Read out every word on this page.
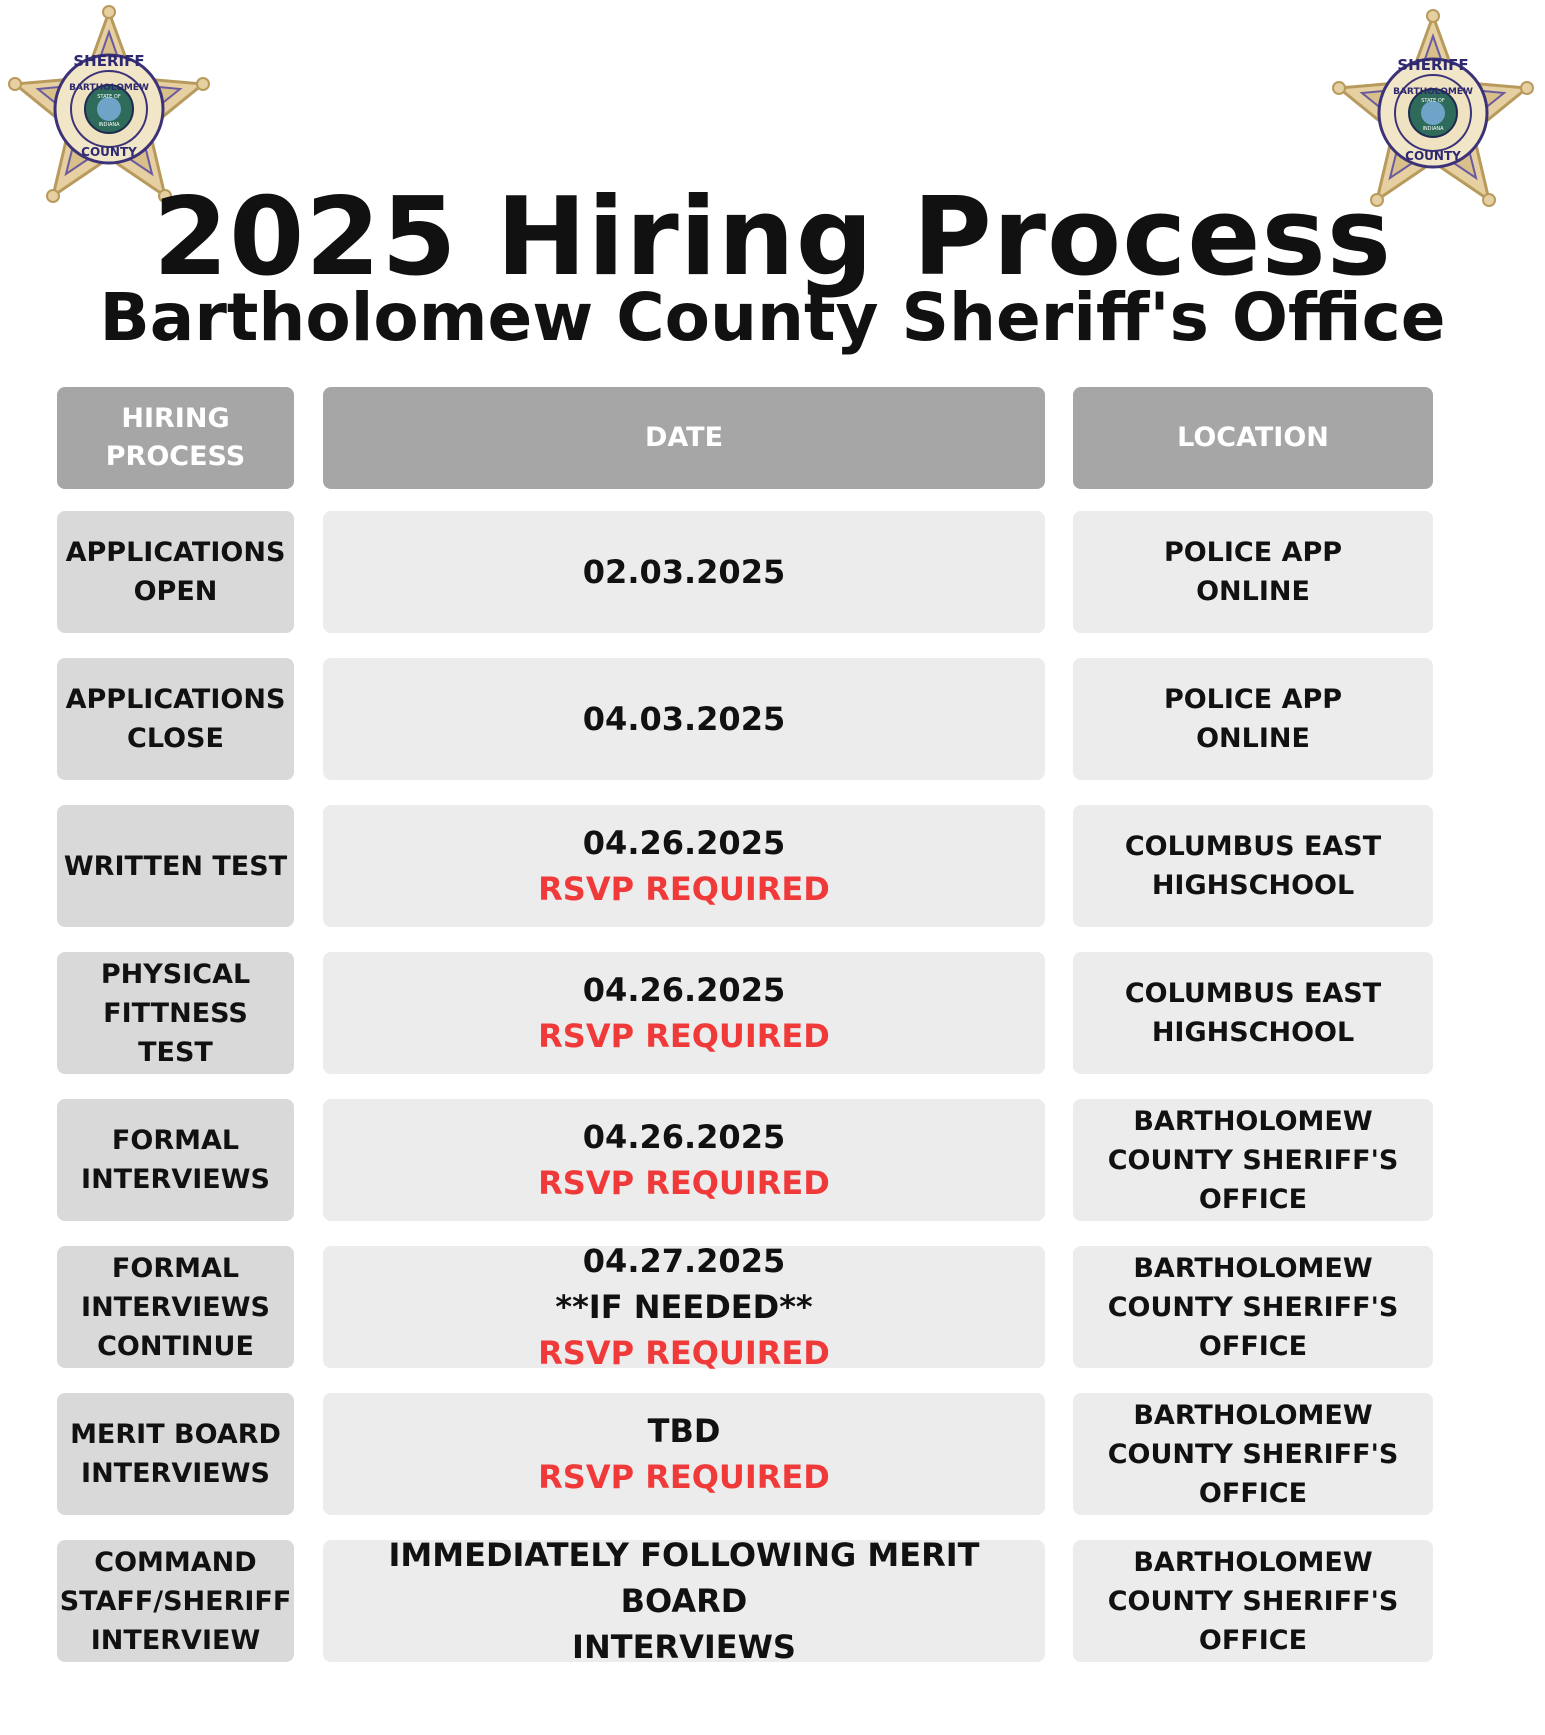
SHERIFF
BARTHOLOMEW
STATE OF
INDIANA
COUNTY
SHERIFF
BARTHOLOMEW
STATE OF
INDIANA
COUNTY
2025 Hiring Process
Bartholomew County Sheriff's Office
HIRING PROCESS
DATE	LOCATION
APPLICATIONS
OPEN
02.03.2025
POLICE APP
ONLINE
APPLICATIONS
CLOSE
04.03.2025
POLICE APP
ONLINE
WRITTEN TEST
04.26.2025
RSVP REQUIRED
COLUMBUS EAST
HIGHSCHOOL
PHYSICAL
FITTNESS TEST
04.26.2025
RSVP REQUIRED
COLUMBUS EAST
HIGHSCHOOL
FORMAL
INTERVIEWS
04.26.2025
RSVP REQUIRED
BARTHOLOMEW
COUNTY SHERIFF'S
OFFICE
FORMAL
INTERVIEWS
CONTINUE
04.27.2025
**IF NEEDED**
RSVP REQUIRED
BARTHOLOMEW
COUNTY SHERIFF'S
OFFICE
MERIT BOARD
INTERVIEWS
TBD
RSVP REQUIRED
BARTHOLOMEW
COUNTY SHERIFF'S
OFFICE
COMMAND
STAFF/SHERIFF
INTERVIEW
IMMEDIATELY FOLLOWING MERIT BOARD
INTERVIEWS
BARTHOLOMEW
COUNTY SHERIFF'S
OFFICE
